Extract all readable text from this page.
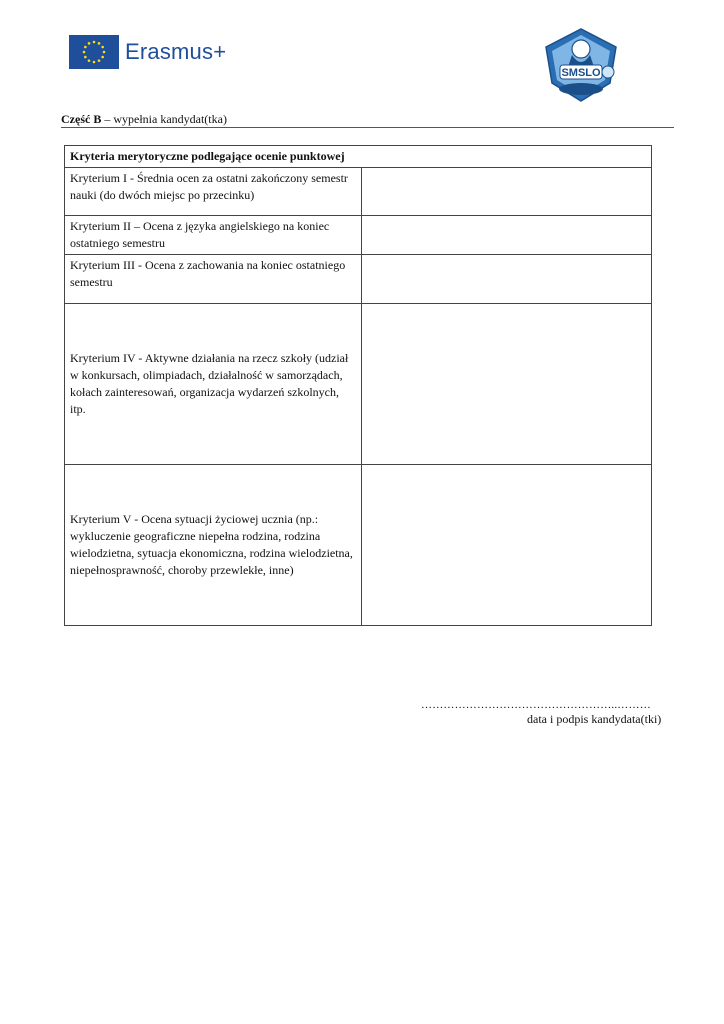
Erasmus+
SMSLO
Część B – wypełnia kandydat(tka)
Kryteria merytoryczne podlegające ocenie punktowej	
Kryterium I - Średnia ocen za ostatni zakończony semestr nauki (do dwóch miejsc po przecinku)	
Kryterium II – Ocena z języka angielskiego na koniec ostatniego semestru	
Kryterium III - Ocena z zachowania na koniec ostatniego semestru	
Kryterium IV - Aktywne działania na rzecz szkoły (udział w konkursach, olimpiadach, działalność w samorządach, kołach zainteresowań, organizacja wydarzeń szkolnych, itp.	
Kryterium V - Ocena sytuacji życiowej ucznia (np.: wykluczenie geograficzne niepełna rodzina, rodzina wielodzietna, sytuacja ekonomiczna, rodzina wielodzietna, niepełnosprawność, choroby przewlekłe, inne)	
……………………………………………..………
data i podpis kandydata(tki)
